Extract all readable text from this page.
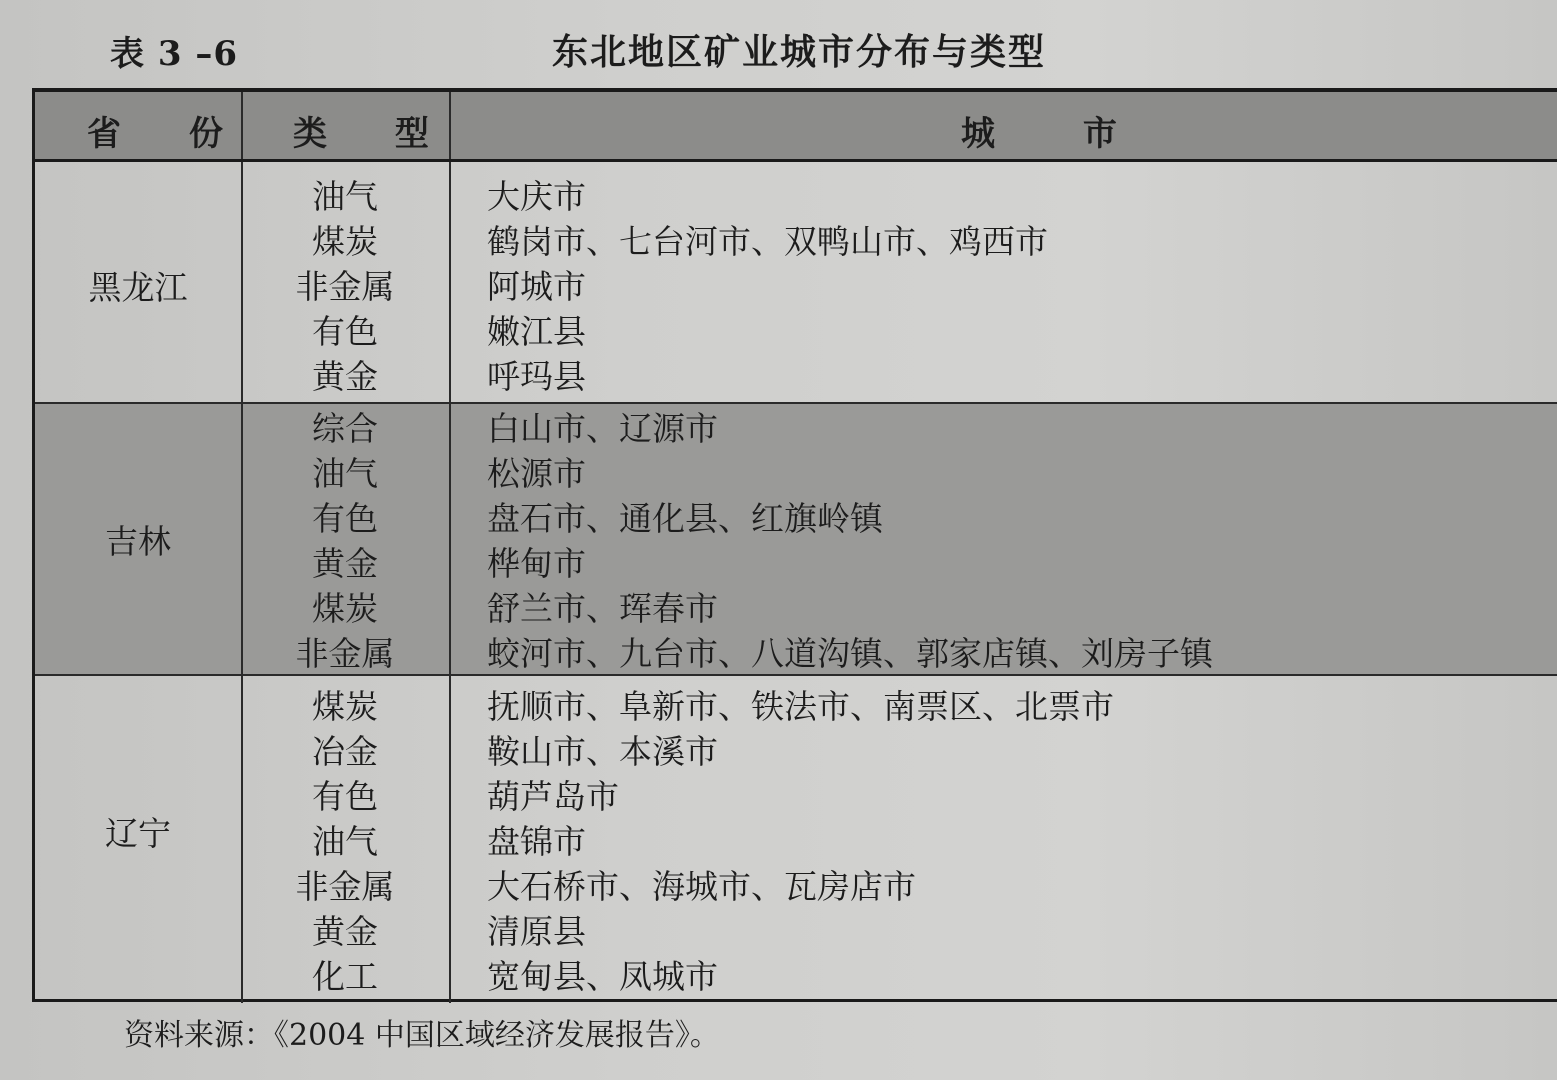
表 3 –6	东北地区矿业城市分布与类型
省 份 类 型	城 市
黑龙江
油气
煤炭
非金属
有色
黄金
大庆市
鹤岗市、七台河市、双鸭山市、鸡西市
阿城市
嫩江县
呼玛县
吉林
综合
油气
有色
黄金
煤炭
非金属
白山市、辽源市
松源市
盘石市、通化县、红旗岭镇
桦甸市
舒兰市、珲春市
蛟河市、九台市、八道沟镇、郭家店镇、刘房子镇
辽宁
煤炭
冶金
有色
油气
非金属
黄金
化工
抚顺市、阜新市、铁法市、南票区、北票市
鞍山市、本溪市
葫芦岛市
盘锦市
大石桥市、海城市、瓦房店市
清原县
宽甸县、凤城市
资料来源：《2004 中国区域经济发展报告》。
